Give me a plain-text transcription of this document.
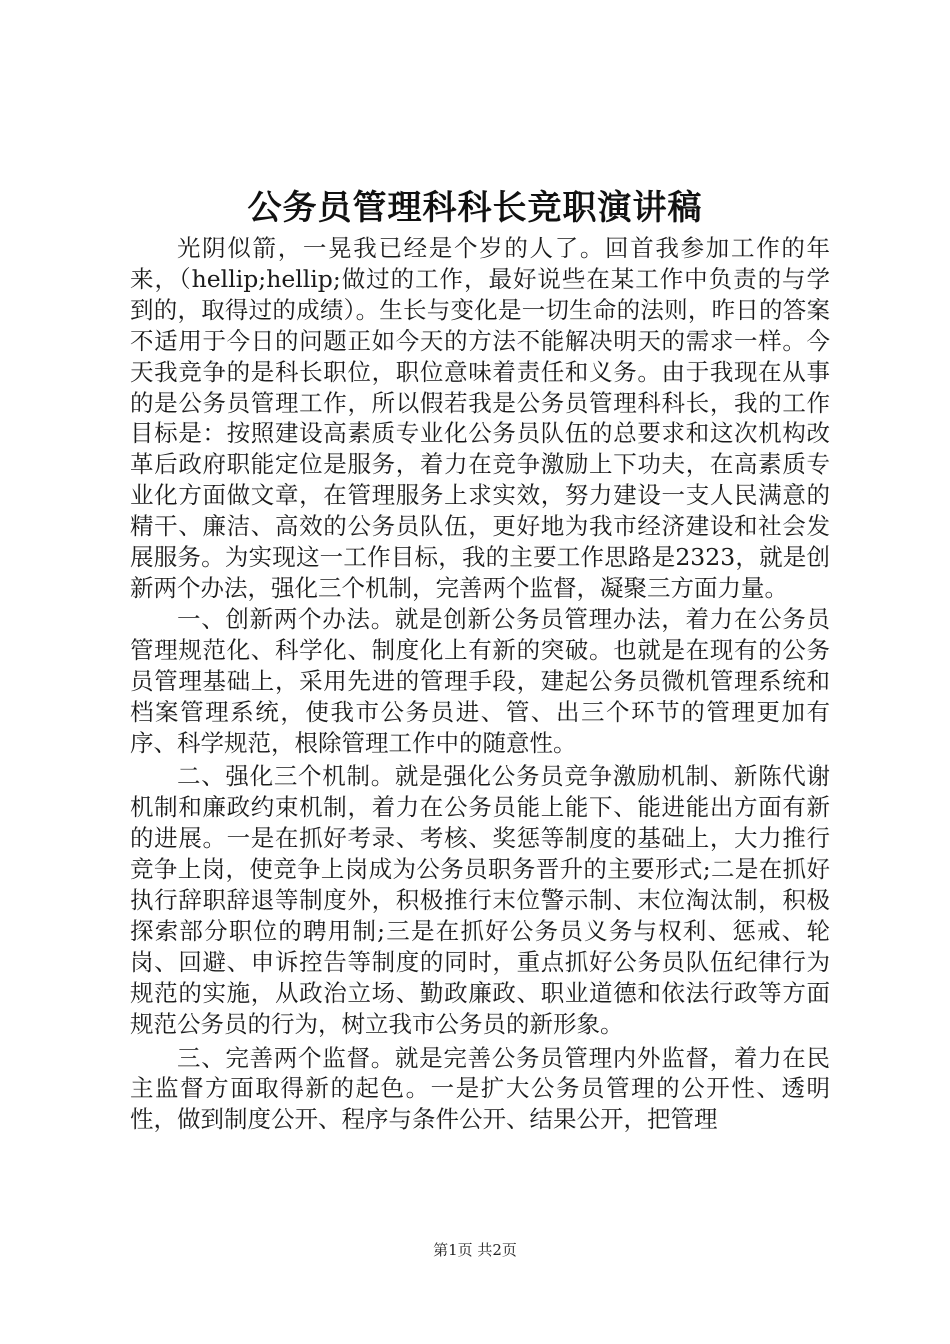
公务员管理科科长竞职演讲稿

光阴似箭，一晃我已经是个岁的人了。回首我参加工作的年来，（hellip;hellip;做过的工作，最好说些在某工作中负责的与学到的，取得过的成绩）。生长与变化是一切生命的法则，昨日的答案不适用于今日的问题正如今天的方法不能解决明天的需求一样。今天我竞争的是科长职位，职位意味着责任和义务。由于我现在从事的是公务员管理工作，所以假若我是公务员管理科科长，我的工作目标是：按照建设高素质专业化公务员队伍的总要求和这次机构改革后政府职能定位是服务，着力在竞争激励上下功夫，在高素质专业化方面做文章，在管理服务上求实效，努力建设一支人民满意的精干、廉洁、高效的公务员队伍，更好地为我市经济建设和社会发展服务。为实现这一工作目标，我的主要工作思路是2323，就是创新两个办法，强化三个机制，完善两个监督，凝聚三方面力量。

一、创新两个办法。就是创新公务员管理办法，着力在公务员管理规范化、科学化、制度化上有新的突破。也就是在现有的公务员管理基础上，采用先进的管理手段，建起公务员微机管理系统和档案管理系统，使我市公务员进、管、出三个环节的管理更加有序、科学规范，根除管理工作中的随意性。

二、强化三个机制。就是强化公务员竞争激励机制、新陈代谢机制和廉政约束机制，着力在公务员能上能下、能进能出方面有新的进展。一是在抓好考录、考核、奖惩等制度的基础上，大力推行竞争上岗，使竞争上岗成为公务员职务晋升的主要形式;二是在抓好执行辞职辞退等制度外，积极推行末位警示制、末位淘汰制，积极探索部分职位的聘用制;三是在抓好公务员义务与权利、惩戒、轮岗、回避、申诉控告等制度的同时，重点抓好公务员队伍纪律行为规范的实施，从政治立场、勤政廉政、职业道德和依法行政等方面规范公务员的行为，树立我市公务员的新形象。

三、完善两个监督。就是完善公务员管理内外监督，着力在民主监督方面取得新的起色。一是扩大公务员管理的公开性、透明性，做到制度公开、程序与条件公开、结果公开，把管理

第1页 共2页
